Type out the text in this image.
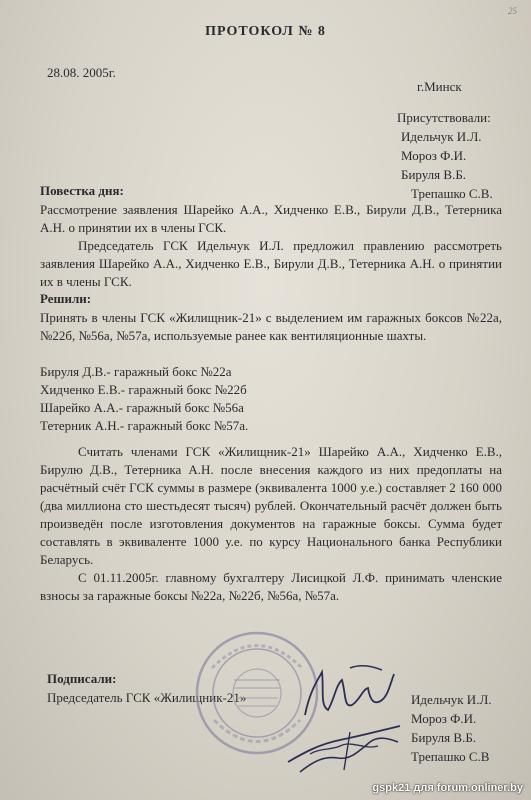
25
ПРОТОКОЛ № 8
28.08. 2005г.
г.Минск
Присутствовали:
Идельчук И.Л.
Мороз Ф.И.
Бируля В.Б.
Трепашко С.В.
Повестка дня:
Рассмотрение заявления Шарейко А.А., Хидченко Е.В., Бирули Д.В., Тетерника А.Н. о принятии их в члены ГСК.
Председатель ГСК Идельчук И.Л. предложил правлению рассмотреть заявления Шарейко А.А., Хидченко Е.В., Бирули Д.В., Тетерника А.Н. о принятии их в члены ГСК.
Решили:
Принять в члены ГСК «Жилищник-21» с выделением им гаражных боксов №22а, №22б, №56а, №57а, используемые ранее как вентиляционные шахты.
Бируля Д.В.- гаражный бокс №22а
Хидченко Е.В.- гаражный бокс №22б
Шарейко А.А.- гаражный бокс №56а
Тетерник А.Н.- гаражный бокс №57а.
Считать членами ГСК «Жилищник-21» Шарейко А.А., Хидченко Е.В., Бирулю Д.В., Тетерника А.Н. после внесения каждого из них предоплаты на расчётный счёт ГСК суммы в размере (эквивалента 1000 у.е.) составляет 2 160 000 (два миллиона сто шестьдесят тысяч) рублей. Окончательный расчёт должен быть произведён после изготовления документов на гаражные боксы. Сумма будет составлять в эквиваленте 1000 у.е. по курсу Национального банка Республики Беларусь.
С 01.11.2005г. главному бухгалтеру Лисицкой Л.Ф. принимать членские взносы за гаражные боксы №22а, №22б, №56а, №57а.
Подписали:
Председатель ГСК «Жилищник-21»	Идельчук И.Л.
Мороз Ф.И.
Бируля В.Б.
Трепашко С.В
gspk21 для forum.onliner.by
